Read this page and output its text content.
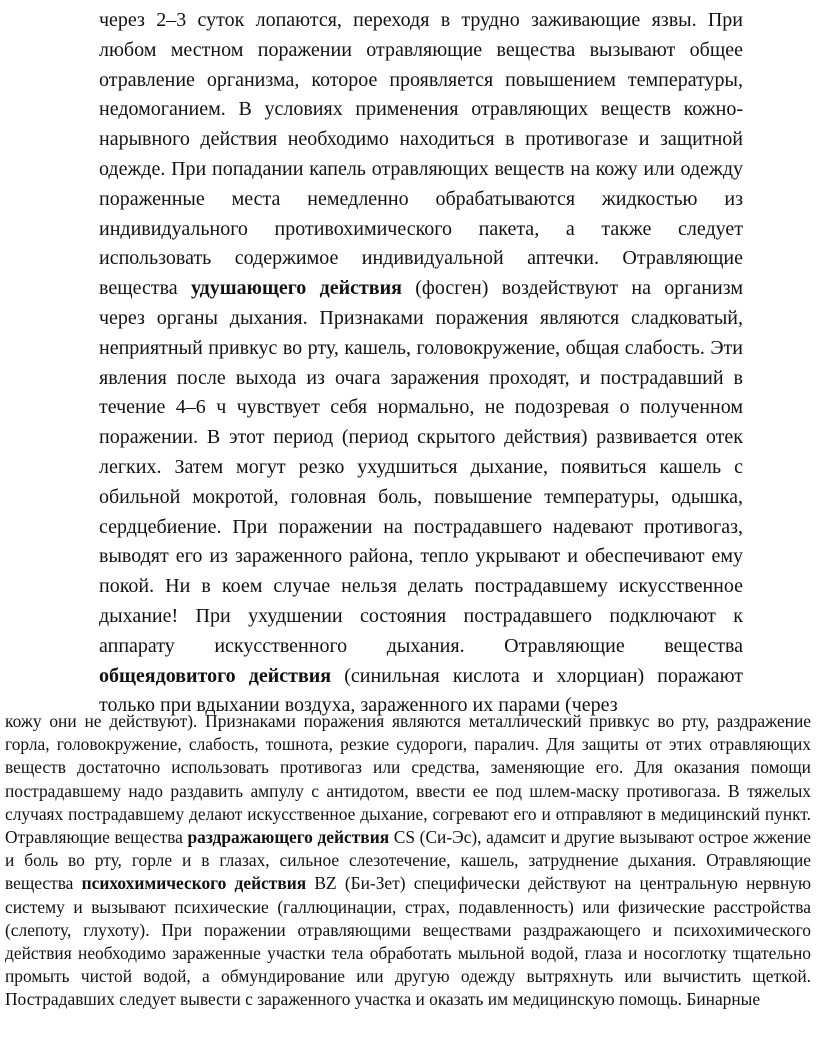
через 2–3 суток лопаются, переходя в трудно заживающие язвы. При любом местном поражении отравляющие вещества вызывают общее отравление организма, которое проявляется повышением температуры, недомоганием. В условиях применения отравляющих веществ кожно-нарывного действия необходимо находиться в противогазе и защитной одежде. При попадании капель отравляющих веществ на кожу или одежду пораженные места немедленно обрабатываются жидкостью из индивидуального противохимического пакета, а также следует использовать содержимое индивидуальной аптечки. Отравляющие вещества удушающего действия (фосген) воздействуют на организм через органы дыхания. Признаками поражения являются сладковатый, неприятный привкус во рту, кашель, головокружение, общая слабость. Эти явления после выхода из очага заражения проходят, и пострадавший в течение 4–6 ч чувствует себя нормально, не подозревая о полученном поражении. В этот период (период скрытого действия) развивается отек легких. Затем могут резко ухудшиться дыхание, появиться кашель с обильной мокротой, головная боль, повышение температуры, одышка, сердцебиение. При поражении на пострадавшего надевают противогаз, выводят его из зараженного района, тепло укрывают и обеспечивают ему покой. Ни в коем случае нельзя делать пострадавшему искусственное дыхание! При ухудшении состояния пострадавшего подключают к аппарату искусственного дыхания. Отравляющие вещества общеядовитого действия (синильная кислота и хлорциан) поражают только при вдыхании воздуха, зараженного их парами (через
кожу они не действуют). Признаками поражения являются металлический привкус во рту, раздражение горла, головокружение, слабость, тошнота, резкие судороги, паралич. Для защиты от этих отравляющих веществ достаточно использовать противогаз или средства, заменяющие его. Для оказания помощи пострадавшему надо раздавить ампулу с антидотом, ввести ее под шлем-маску противогаза. В тяжелых случаях пострадавшему делают искусственное дыхание, согревают его и отправляют в медицинский пункт. Отравляющие вещества раздражающего действия CS (Си-Эс), адамсит и другие вызывают острое жжение и боль во рту, горле и в глазах, сильное слезотечение, кашель, затруднение дыхания. Отравляющие вещества психохимического действия BZ (Би-Зет) специфически действуют на центральную нервную систему и вызывают психические (галлюцинации, страх, подавленность) или физические расстройства (слепоту, глухоту). При поражении отравляющими веществами раздражающего и психохимического действия необходимо зараженные участки тела обработать мыльной водой, глаза и носоглотку тщательно промыть чистой водой, а обмундирование или другую одежду вытряхнуть или вычистить щеткой. Пострадавших следует вывести с зараженного участка и оказать им медицинскую помощь. Бинарные
